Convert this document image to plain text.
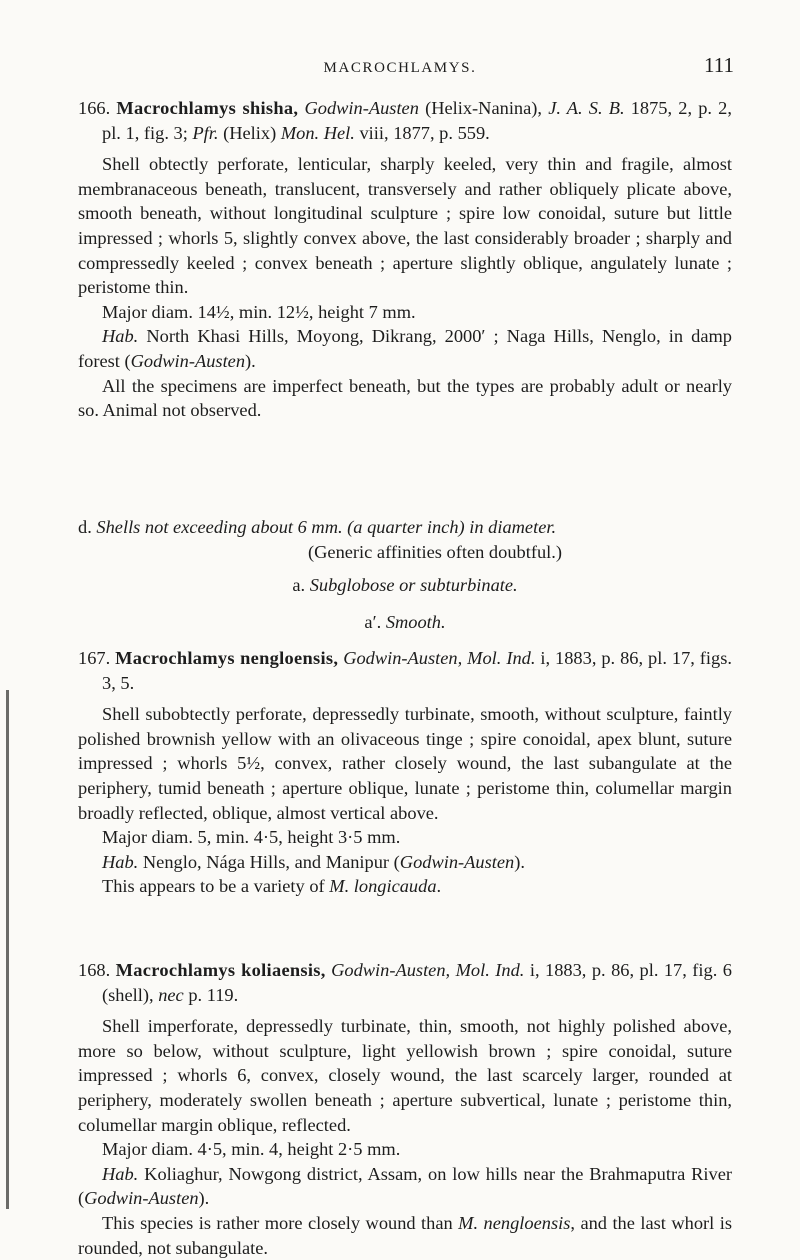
MACROCHLAMYS.	111

166. Macrochlamys shisha, Godwin-Austen (Helix-Nanina), J. A. S. B. 1875, 2, p. 2, pl. 1, fig. 3; Pfr. (Helix) Mon. Hel. viii, 1877, p. 559.

Shell obtectly perforate, lenticular, sharply keeled, very thin and fragile, almost membranaceous beneath, translucent, transversely and rather obliquely plicate above, smooth beneath, without longitudinal sculpture ; spire low conoidal, suture but little impressed ; whorls 5, slightly convex above, the last considerably broader ; sharply and compressedly keeled ; convex beneath ; aperture slightly oblique, angulately lunate ; peristome thin.

Major diam. 14½, min. 12½, height 7 mm.

Hab. North Khasi Hills, Moyong, Dikrang, 2000′ ; Naga Hills, Nenglo, in damp forest (Godwin-Austen).

All the specimens are imperfect beneath, but the types are probably adult or nearly so. Animal not observed.

d. Shells not exceeding about 6 mm. (a quarter inch) in diameter.

(Generic affinities often doubtful.)

a. Subglobose or subturbinate.

a′. Smooth.

167. Macrochlamys nengloensis, Godwin-Austen, Mol. Ind. i, 1883, p. 86, pl. 17, figs. 3, 5.

Shell subobtectly perforate, depressedly turbinate, smooth, without sculpture, faintly polished brownish yellow with an olivaceous tinge ; spire conoidal, apex blunt, suture impressed ; whorls 5½, convex, rather closely wound, the last subangulate at the periphery, tumid beneath ; aperture oblique, lunate ; peristome thin, columellar margin broadly reflected, oblique, almost vertical above.

Major diam. 5, min. 4·5, height 3·5 mm.

Hab. Nenglo, Nága Hills, and Manipur (Godwin-Austen).

This appears to be a variety of M. longicauda.

168. Macrochlamys koliaensis, Godwin-Austen, Mol. Ind. i, 1883, p. 86, pl. 17, fig. 6 (shell), nec p. 119.

Shell imperforate, depressedly turbinate, thin, smooth, not highly polished above, more so below, without sculpture, light yellowish brown ; spire conoidal, suture impressed ; whorls 6, convex, closely wound, the last scarcely larger, rounded at periphery, moderately swollen beneath ; aperture subvertical, lunate ; peristome thin, columellar margin oblique, reflected.

Major diam. 4·5, min. 4, height 2·5 mm.

Hab. Koliaghur, Nowgong district, Assam, on low hills near the Brahmaputra River (Godwin-Austen).

This species is rather more closely wound than M. nengloensis, and the last whorl is rounded, not subangulate.
